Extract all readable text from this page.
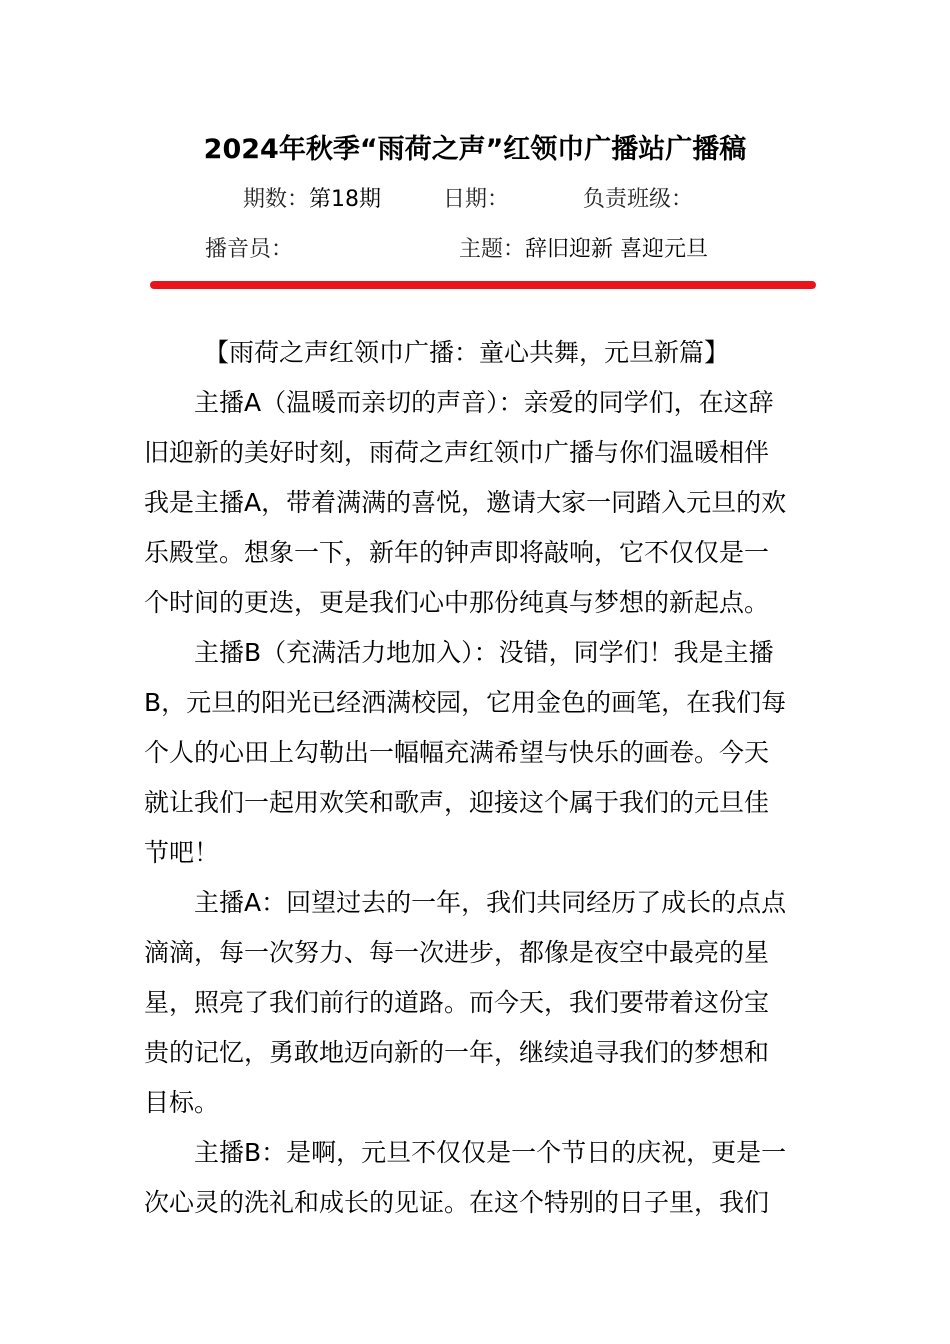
2024年秋季“雨荷之声”红领巾广播站广播稿
期数：第18期	日期：	负责班级：
播音员：	主题：辞旧迎新 喜迎元旦
【雨荷之声红领巾广播：童心共舞，元旦新篇】
主播A（温暖而亲切的声音）：亲爱的同学们，在这辞
旧迎新的美好时刻，雨荷之声红领巾广播与你们温暖相伴
我是主播A，带着满满的喜悦，邀请大家一同踏入元旦的欢
乐殿堂。想象一下，新年的钟声即将敲响，它不仅仅是一
个时间的更迭，更是我们心中那份纯真与梦想的新起点。
主播B（充满活力地加入）：没错，同学们！我是主播
B，元旦的阳光已经洒满校园，它用金色的画笔，在我们每
个人的心田上勾勒出一幅幅充满希望与快乐的画卷。今天
就让我们一起用欢笑和歌声，迎接这个属于我们的元旦佳
节吧！
主播A：回望过去的一年，我们共同经历了成长的点点
滴滴，每一次努力、每一次进步，都像是夜空中最亮的星
星，照亮了我们前行的道路。而今天，我们要带着这份宝
贵的记忆，勇敢地迈向新的一年，继续追寻我们的梦想和
目标。
主播B：是啊，元旦不仅仅是一个节日的庆祝，更是一
次心灵的洗礼和成长的见证。在这个特别的日子里，我们
